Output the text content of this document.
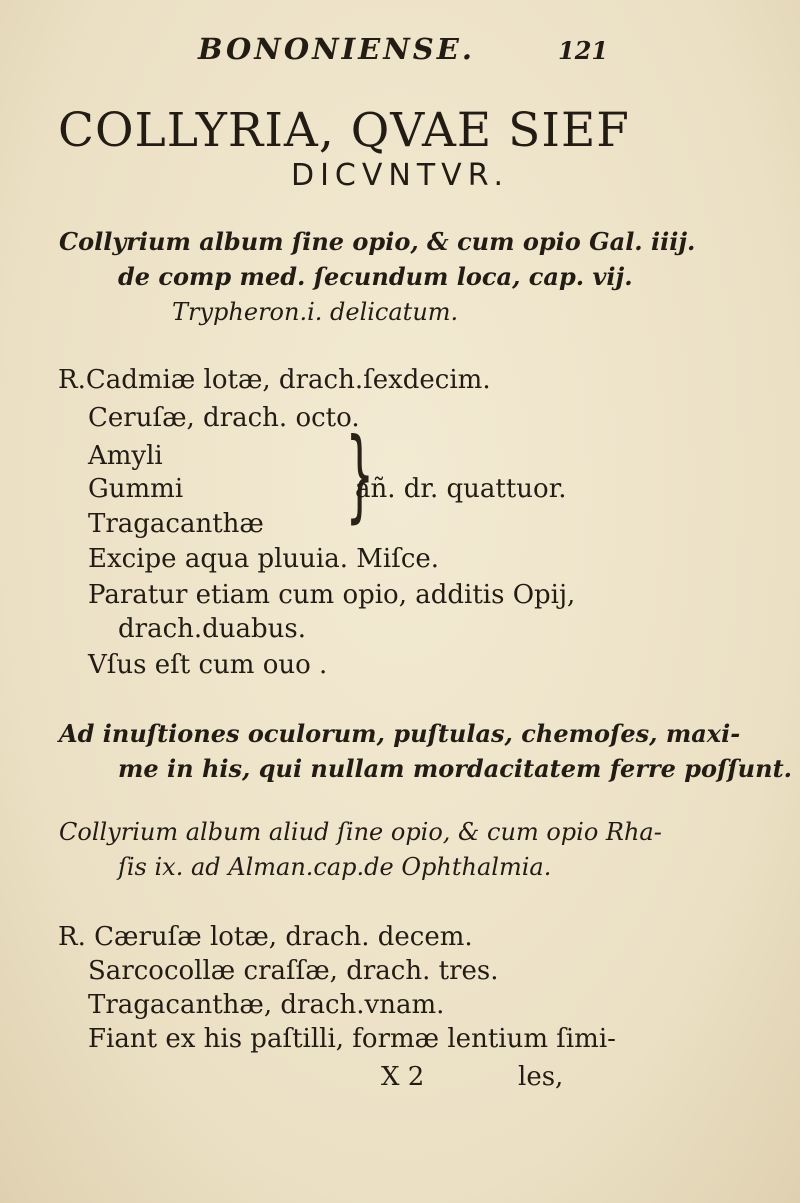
BONONIENSE.	121
COLLYRIA, QVAE SIEF
DICVNTVR.
Collyrium album ſine opio, & cum opio Gal. iiij.
de comp med. ſecundum loca, cap. vij.
Trypheron.i. delicatum.
R.Cadmiæ lotæ, drach.ſexdecim.
Ceruſæ, drach. octo.
Amyli
Gummi
Tragacanthæ }
añ. dr. quattuor.
Excipe aqua pluuia. Miſce.
Paratur etiam cum opio, additis Opij,
drach.duabus.
Vſus eſt cum ouo .
Ad inuſtiones oculorum, puſtulas, chemoſes, maxi-
me in his, qui nullam mordacitatem ferre poſſunt.
Collyrium album aliud ſine opio, & cum opio Rha-
ſis ix. ad Alman.cap.de Ophthalmia.
R. Cæruſæ lotæ, drach. decem.
Sarcocollæ craſſæ, drach. tres.
Tragacanthæ, drach.vnam.
Fiant ex his paſtilli, formæ lentium ſimi-
X 2	les,
